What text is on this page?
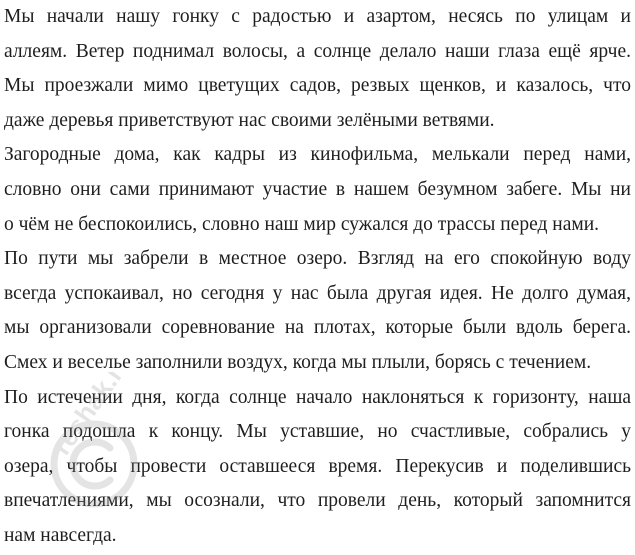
Мы начали нашу гонку с радостью и азартом, несясь по улицам и
аллеям. Ветер поднимал волосы, а солнце делало наши глаза ещё ярче.
Мы проезжали мимо цветущих садов, резвых щенков, и казалось, что
даже деревья приветствуют нас своими зелёными ветвями.
Загородные дома, как кадры из кинофильма, мелькали перед нами,
словно они сами принимают участие в нашем безумном забеге. Мы ни
о чём не беспокоились, словно наш мир сужался до трассы перед нами.
По пути мы забрели в местное озеро. Взгляд на его спокойную воду
всегда успокаивал, но сегодня у нас была другая идея. Не долго думая,
мы организовали соревнование на плотах, которые были вдоль берега.
Смех и веселье заполнили воздух, когда мы плыли, борясь с течением.
По истечении дня, когда солнце начало наклоняться к горизонту, наша
гонка подошла к концу. Мы уставшие, но счастливые, собрались у
озера, чтобы провести оставшееся время. Перекусив и поделившись
впечатлениями, мы осознали, что провели день, который запомнится
нам навсегда.
reshak.ru
